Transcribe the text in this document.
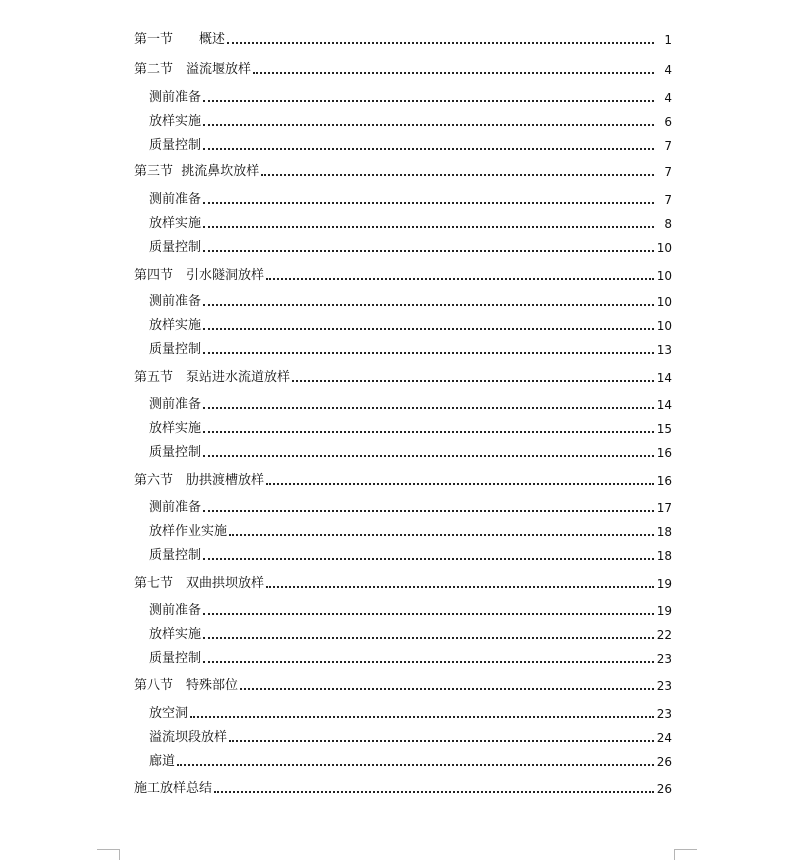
第一节　　概述	1
第二节　溢流堰放样	4
测前准备	4
放样实施	6
质量控制	7
第三节  挑流鼻坎放样	7
测前准备	7
放样实施	8
质量控制	10
第四节　引水隧洞放样	10
测前准备	10
放样实施	10
质量控制	13
第五节　泵站进水流道放样	14
测前准备	14
放样实施	15
质量控制	16
第六节　肋拱渡槽放样	16
测前准备	17
放样作业实施	18
质量控制	18
第七节　双曲拱坝放样	19
测前准备	19
放样实施	22
质量控制	23
第八节　特殊部位	23
放空洞	23
溢流坝段放样	24
廊道	26
施工放样总结	26
